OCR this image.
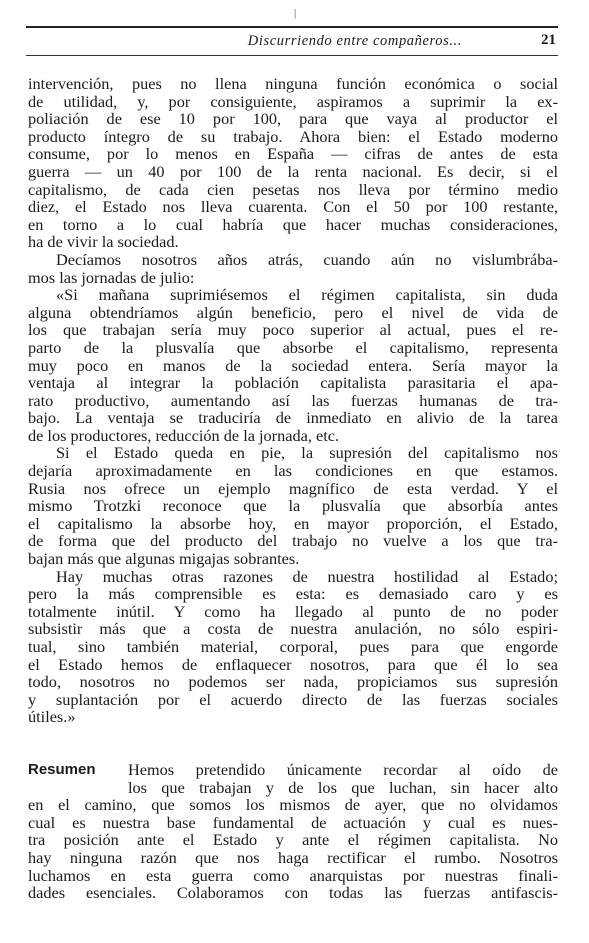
|
Discurriendo entre compañeros...	21
intervención, pues no llena ninguna función económica o social
de utilidad, y, por consiguiente, aspiramos a suprimir la ex-
poliación de ese 10 por 100, para que vaya al productor el
producto íntegro de su trabajo. Ahora bien: el Estado moderno
consume, por lo menos en España — cifras de antes de esta
guerra — un 40 por 100 de la renta nacional. Es decir, si el
capitalismo, de cada cien pesetas nos lleva por término medio
diez, el Estado nos lleva cuarenta. Con el 50 por 100 restante,
en torno a lo cual habría que hacer muchas consideraciones,
ha de vivir la sociedad.
Decíamos nosotros años atrás, cuando aún no vislumbrába-
mos las jornadas de julio:
«Si mañana suprimiésemos el régimen capitalista, sin duda
alguna obtendríamos algún beneficio, pero el nivel de vida de
los que trabajan sería muy poco superior al actual, pues el re-
parto de la plusvalía que absorbe el capitalismo, representa
muy poco en manos de la sociedad entera. Sería mayor la
ventaja al integrar la población capitalista parasitaria el apa-
rato productivo, aumentando así las fuerzas humanas de tra-
bajo. La ventaja se traduciría de inmediato en alivio de la tarea
de los productores, reducción de la jornada, etc.
Si el Estado queda en pie, la supresión del capitalismo nos
dejaría aproximadamente en las condiciones en que estamos.
Rusia nos ofrece un ejemplo magnífico de esta verdad. Y el
mismo Trotzki reconoce que la plusvalía que absorbía antes
el capitalismo la absorbe hoy, en mayor proporción, el Estado,
de forma que del producto del trabajo no vuelve a los que tra-
bajan más que algunas migajas sobrantes.
Hay muchas otras razones de nuestra hostilidad al Estado;
pero la más comprensible es esta: es demasiado caro y es
totalmente inútil. Y como ha llegado al punto de no poder
subsistir más que a costa de nuestra anulación, no sólo espiri-
tual, sino también material, corporal, pues para que engorde
el Estado hemos de enflaquecer nosotros, para que él lo sea
todo, nosotros no podemos ser nada, propiciamos sus supresión
y suplantación por el acuerdo directo de las fuerzas sociales
útiles.»
Resumen	Hemos pretendido únicamente recordar al oído de
los que trabajan y de los que luchan, sin hacer alto
en el camino, que somos los mismos de ayer, que no olvidamos
cual es nuestra base fundamental de actuación y cual es nues-
tra posición ante el Estado y ante el régimen capitalista. No
hay ninguna razón que nos haga rectificar el rumbo. Nosotros
luchamos en esta guerra como anarquistas por nuestras finali-
dades esenciales. Colaboramos con todas las fuerzas antifascis-
